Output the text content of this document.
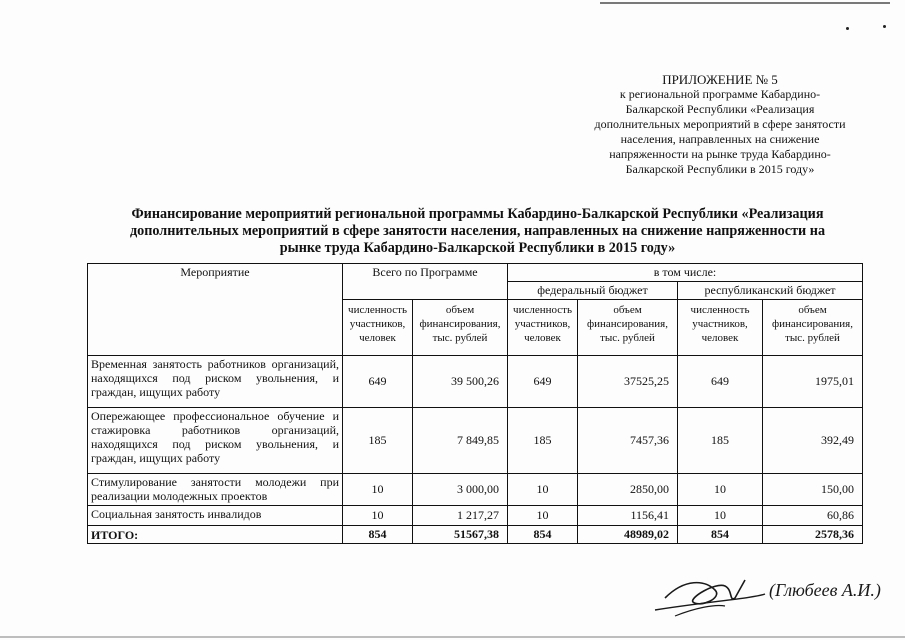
ПРИЛОЖЕНИЕ № 5
к региональной программе Кабардино-
Балкарской Республики «Реализация
дополнительных мероприятий в сфере занятости
населения, направленных на снижение
напряженности на рынке труда Кабардино-
Балкарской Республики в 2015 году»
Финансирование мероприятий региональной программы Кабардино-Балкарской Республики «Реализация
дополнительных мероприятий в сфере занятости населения, направленных на снижение напряженности на
рынке труда Кабардино-Балкарской Республики в 2015 году»
Мероприятие	Всего по Программе		в том числе:			
			федеральный бюджет		республиканский бюджет	
	численность участников, человек	объем финансирования, тыс. рублей	численность участников, человек	объем финансирования, тыс. рублей	численность участников, человек	объем финансирования, тыс. рублей
Временная занятость работников организаций, находящихся под риском увольнения, и граждан, ищущих работу	649	39 500,26	649	37525,25	649	1975,01
Опережающее профессиональное обучение и стажировка работников организаций, находящихся под риском увольнения, и граждан, ищущих работу	185	7 849,85	185	7457,36	185	392,49
Стимулирование занятости молодежи при реализации молодежных проектов	10	3 000,00	10	2850,00	10	150,00
Социальная занятость инвалидов	10	1 217,27	10	1156,41	10	60,86
ИТОГО:	854	51567,38	854	48989,02	854	2578,36
(Глюбеев А.И.)
